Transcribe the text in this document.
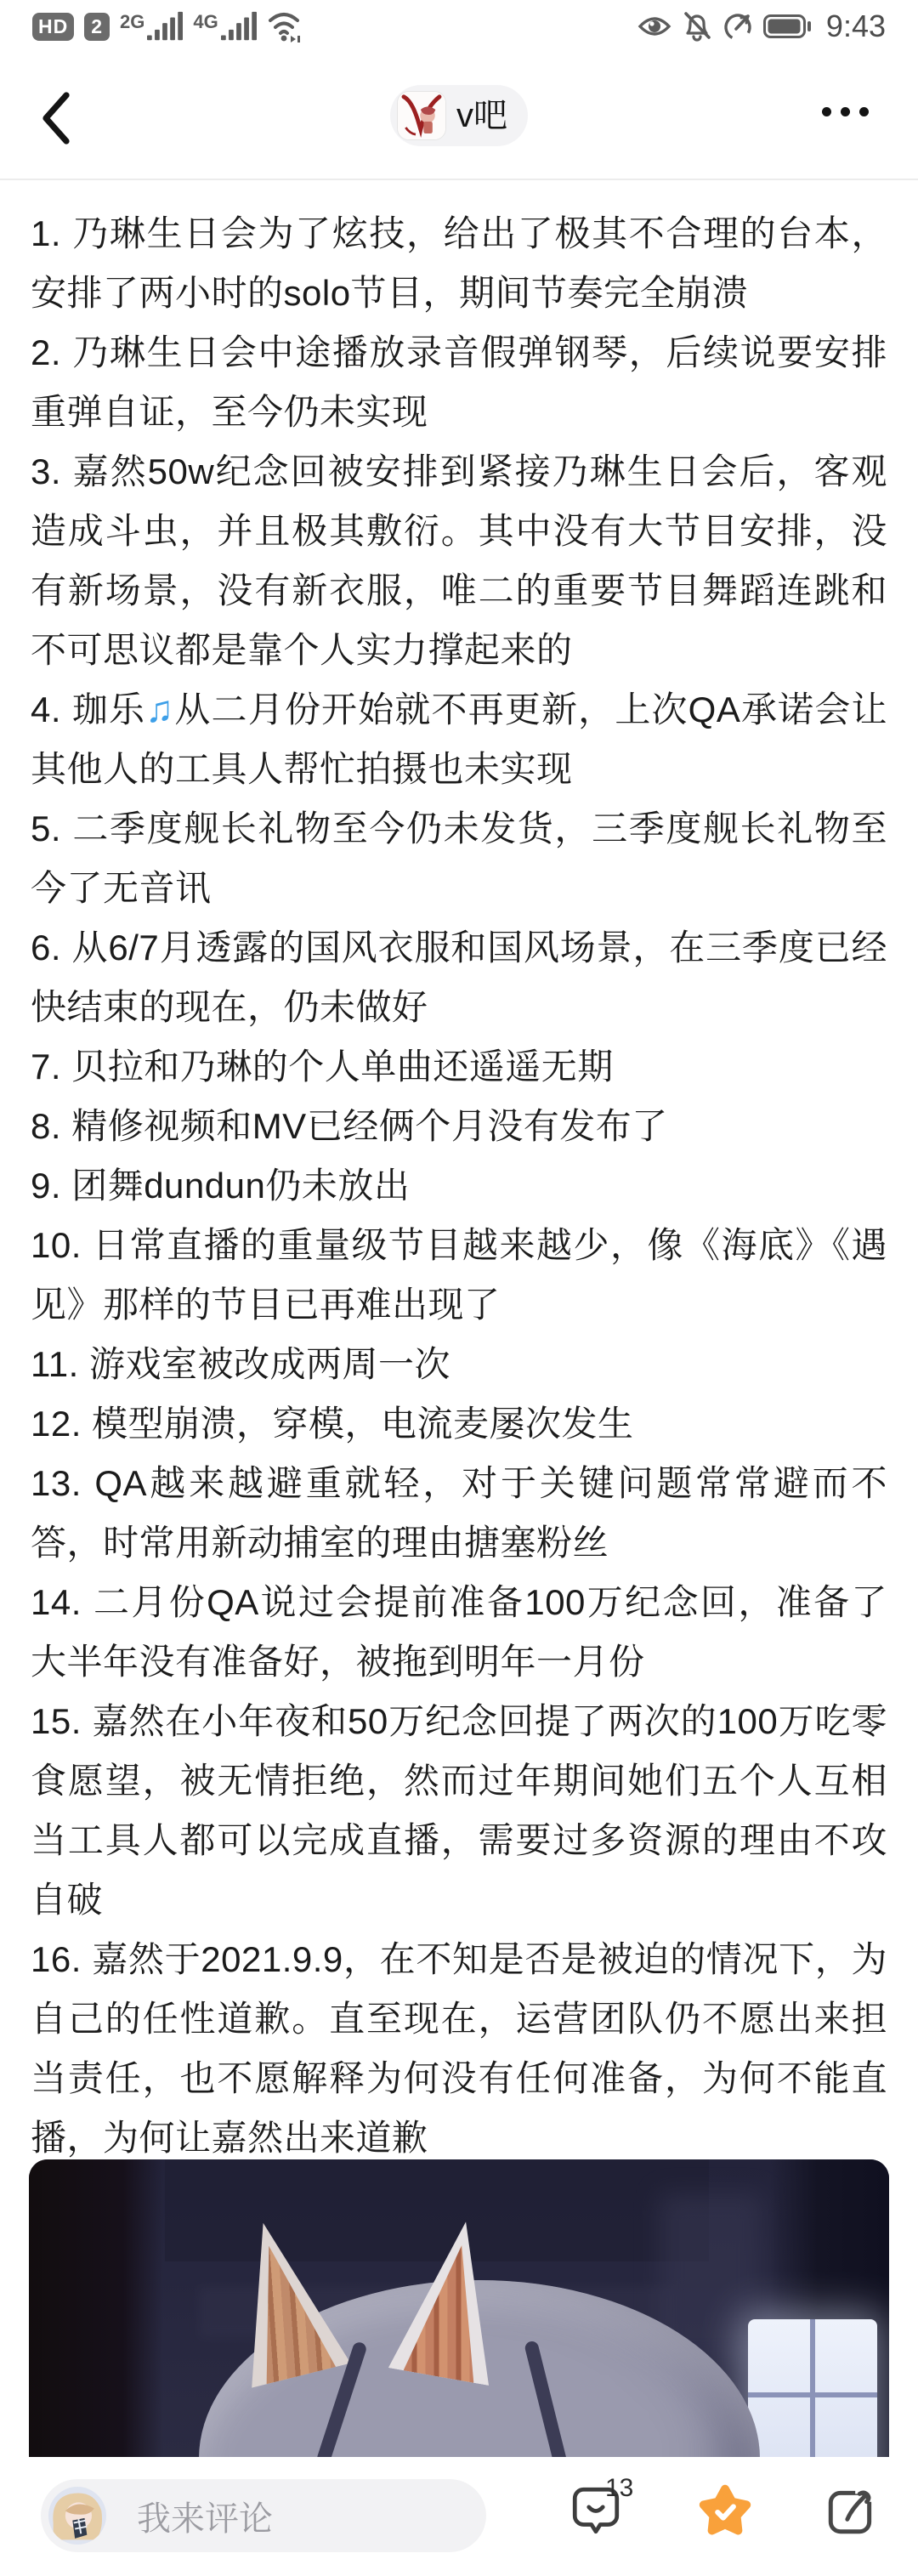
HD	2 2G	4G	9:43
v吧

1. 乃琳生日会为了炫技，给出了极其不合理的台本，安排了两小时的solo节目，期间节奏完全崩溃

2. 乃琳生日会中途播放录音假弹钢琴，后续说要安排重弹自证，至今仍未实现

3. 嘉然50w纪念回被安排到紧接乃琳生日会后，客观造成斗虫，并且极其敷衍。其中没有大节目安排，没有新场景，没有新衣服，唯二的重要节目舞蹈连跳和不可思议都是靠个人实力撑起来的

4. 珈乐♫从二月份开始就不再更新，上次QA承诺会让其他人的工具人帮忙拍摄也未实现

5. 二季度舰长礼物至今仍未发货，三季度舰长礼物至今了无音讯

6. 从6/7月透露的国风衣服和国风场景，在三季度已经快结束的现在，仍未做好

7. 贝拉和乃琳的个人单曲还遥遥无期

8. 精修视频和MV已经俩个月没有发布了

9. 团舞dundun仍未放出

10. 日常直播的重量级节目越来越少，像《海底》《遇见》那样的节目已再难出现了

11. 游戏室被改成两周一次

12. 模型崩溃，穿模，电流麦屡次发生

13. QA越来越避重就轻，对于关键问题常常避而不答，时常用新动捕室的理由搪塞粉丝

14. 二月份QA说过会提前准备100万纪念回，准备了大半年没有准备好，被拖到明年一月份

15. 嘉然在小年夜和50万纪念回提了两次的100万吃零食愿望，被无情拒绝，然而过年期间她们五个人互相当工具人都可以完成直播，需要过多资源的理由不攻自破

16. 嘉然于2021.9.9，在不知是否是被迫的情况下，为自己的任性道歉。直至现在，运营团队仍不愿出来担当责任，也不愿解释为何没有任何准备，为何不能直播，为何让嘉然出来道歉

我来评论
13
